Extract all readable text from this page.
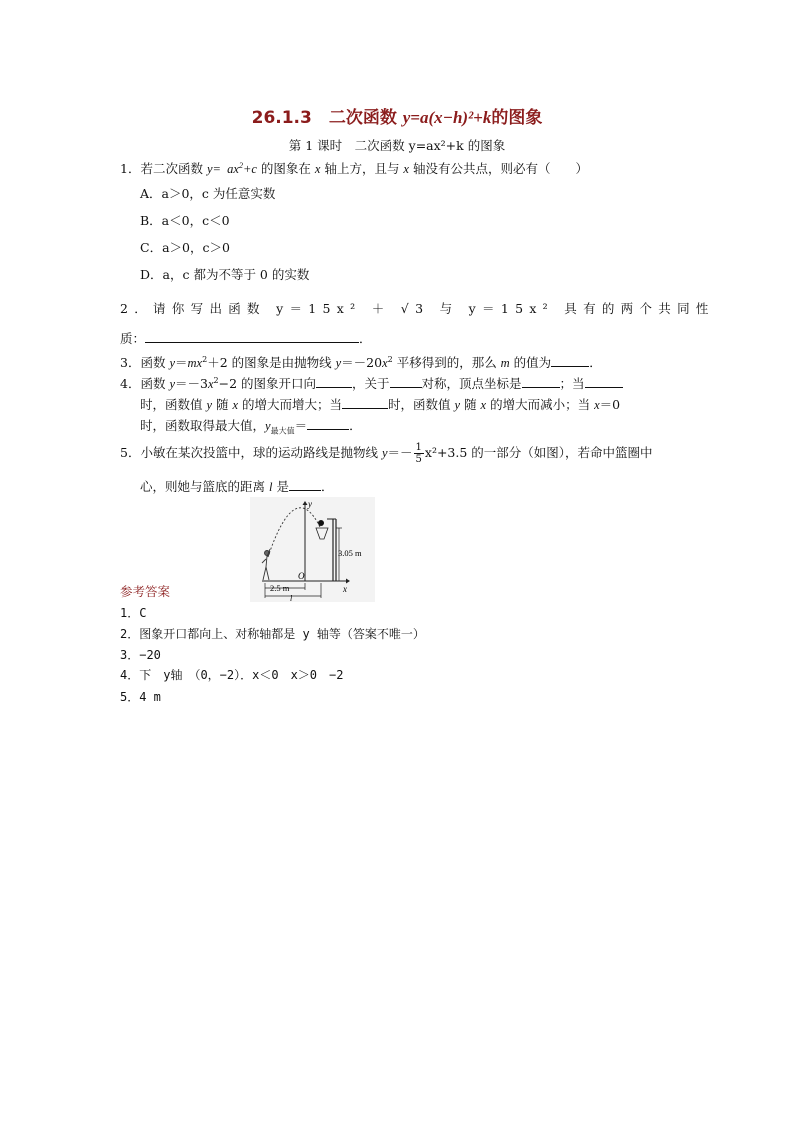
26.1.3　二次函数 y=a(x−h)²+k的图象
第 1 课时　二次函数 y=ax²+k 的图象
1．若二次函数 $y= ax^2+c$ 的图象在 x 轴上方，且与 x 轴没有公共点，则必有（　　）
A．a＞0，c 为任意实数
B．a＜0，c＜0
C．a＞0，c＞0
D．a，c 都为不等于 0 的实数
2．请你写出函数 y＝15x² ＋ √3 与 y＝15x² 具有的两个共同性
质：	．
3．函数 $y=mx^2+2$ 的图象是由抛物线 $y=-20x^2$ 平移得到的，那么 m 的值为	．
4．函数 $y=-3x^2-2$ 的图象开口向	，关于	对称，顶点坐标是	；当
时，函数值 y 随 x 的增大而增大；当	时，函数值 y 随 x 的增大而减小；当 x＝0
时，函数取得最大值，$y_{最大值}=$	．
5．小敏在某次投篮中，球的运动路线是抛物线 $y=- \frac{1}{5} x^2+3.5$ 的一部分（如图），若命中篮圈中
心，则她与篮底的距离 l 是	．
x
y
O
3.05 m
2.5 m
l
参考答案
1．C
2．图象开口都向上、对称轴都是 y 轴等（答案不唯一）
3．−20
4．下　y轴　（0，−2）．x＜0　x＞0　−2
5．4 m
